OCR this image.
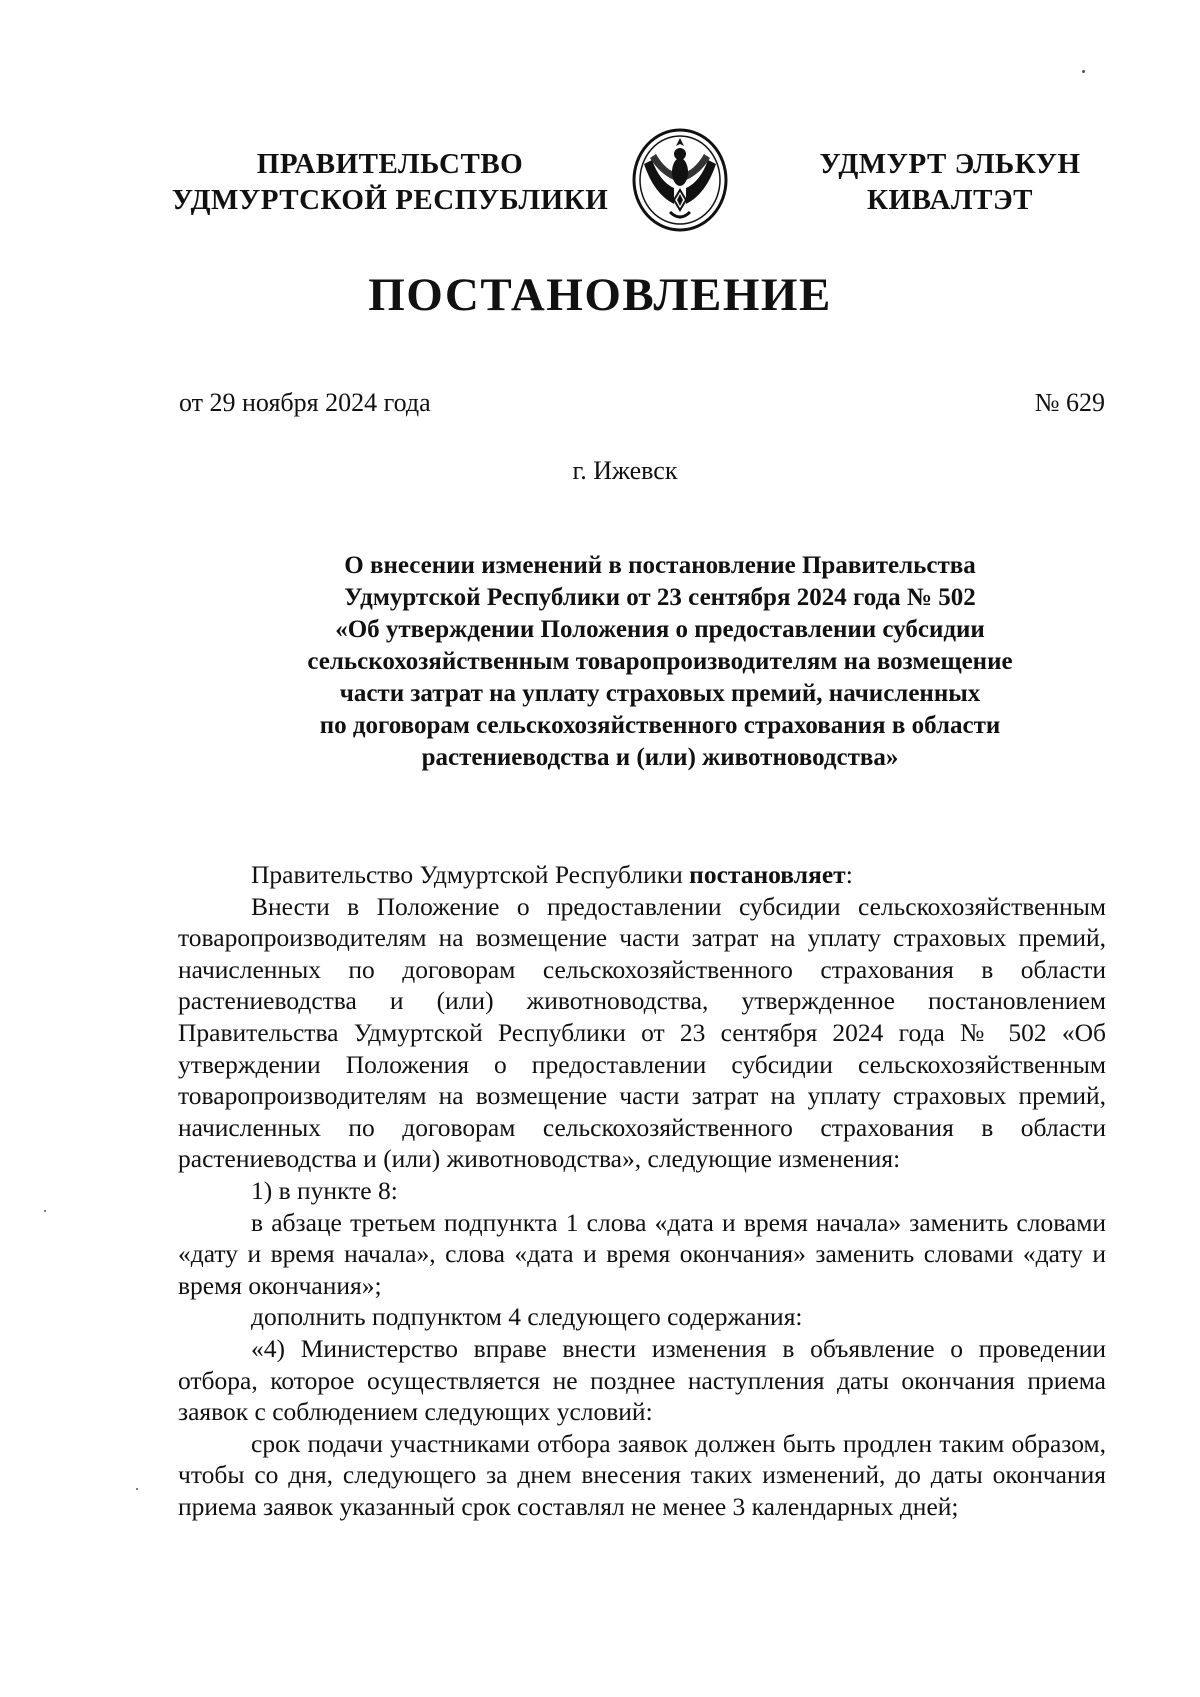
ПРАВИТЕЛЬСТВО
УДМУРТСКОЙ РЕСПУБЛИКИ
УДМУРТ ЭЛЬКУН
КИВАЛТЭТ
ПОСТАНОВЛЕНИЕ
от 29 ноября 2024 года	№ 629
г. Ижевск
О внесении изменений в постановление Правительства
Удмуртской Республики от 23 сентября 2024 года № 502
«Об утверждении Положения о предоставлении субсидии
сельскохозяйственным товаропроизводителям на возмещение
части затрат на уплату страховых премий, начисленных
по договорам сельскохозяйственного страхования в области
растениеводства и (или) животноводства»

Правительство Удмуртской Республики постановляет:

Внести в Положение о предоставлении субсидии сельскохозяйственным товаропроизводителям на возмещение части затрат на уплату страховых премий, начисленных по договорам сельскохозяйственного страхования в области растениеводства и (или) животноводства, утвержденное постановлением Правительства Удмуртской Республики от 23 сентября 2024 года № 502 «Об утверждении Положения о предоставлении субсидии сельскохозяйственным товаропроизводителям на возмещение части затрат на уплату страховых премий, начисленных по договорам сельскохозяйственного страхования в области растениеводства и (или) животноводства», следующие изменения:

1) в пункте 8:

в абзаце третьем подпункта 1 слова «дата и время начала» заменить словами «дату и время начала», слова «дата и время окончания» заменить словами «дату и время окончания»;

дополнить подпунктом 4 следующего содержания:

«4) Министерство вправе внести изменения в объявление о проведении отбора, которое осуществляется не позднее наступления даты окончания приема заявок с соблюдением следующих условий:

срок подачи участниками отбора заявок должен быть продлен таким образом, чтобы со дня, следующего за днем внесения таких изменений, до даты окончания приема заявок указанный срок составлял не менее 3 календарных дней;
